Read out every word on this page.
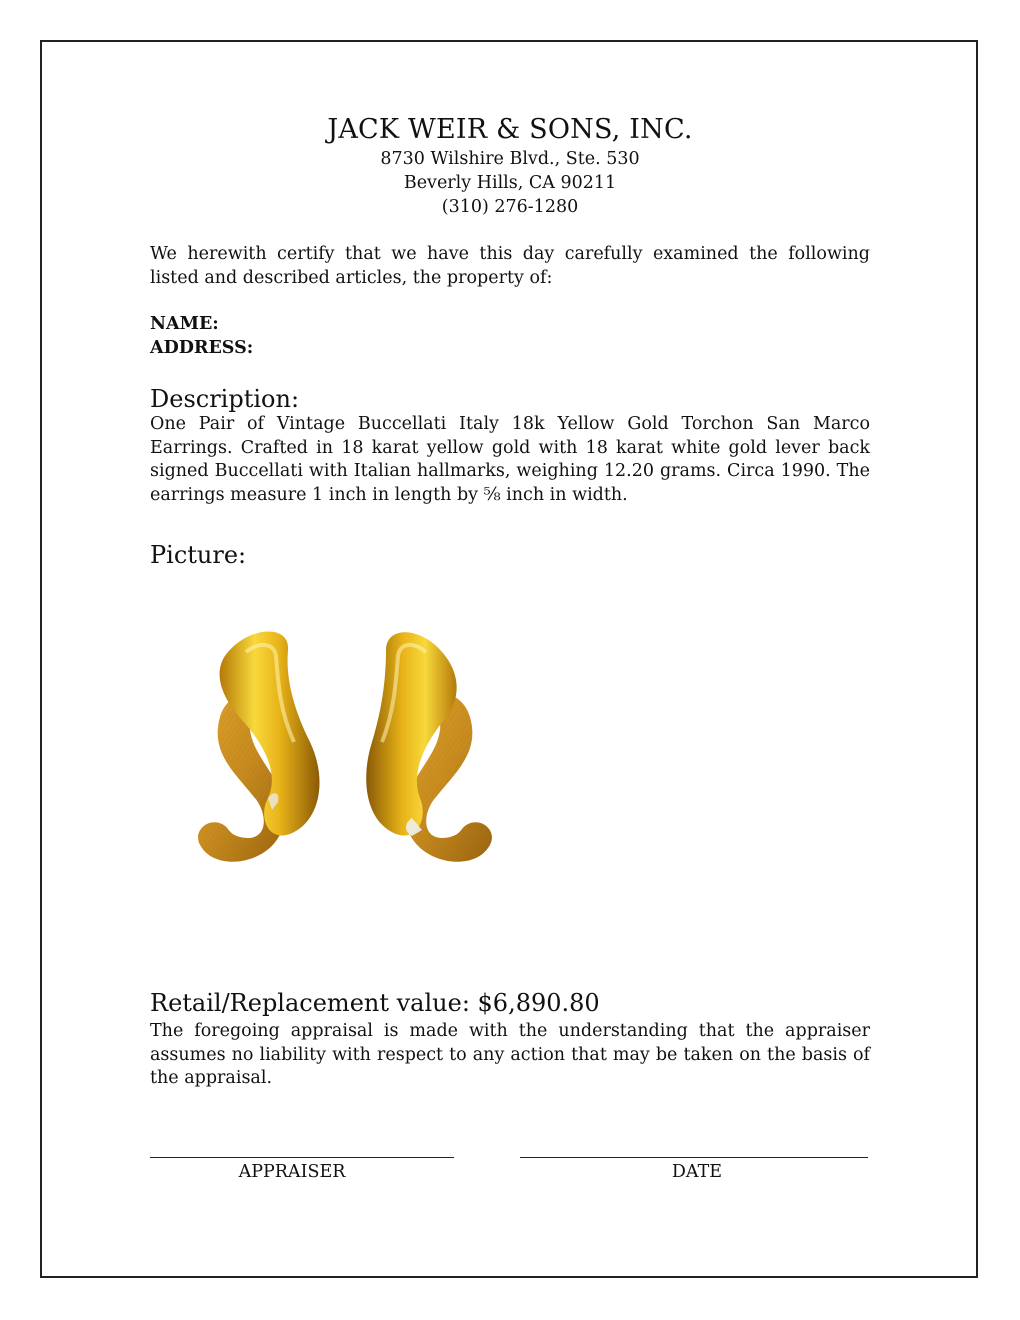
JACK WEIR & SONS, INC.
8730 Wilshire Blvd., Ste. 530
Beverly Hills, CA 90211
(310) 276-1280
We herewith certify that we have this day carefully examined the following listed and described articles, the property of:
NAME:
ADDRESS:
Description:
One Pair of Vintage Buccellati Italy 18k Yellow Gold Torchon San Marco Earrings. Crafted in 18 karat yellow gold with 18 karat white gold lever back signed Buccellati with Italian hallmarks, weighing 12.20 grams. Circa 1990. The earrings measure 1 inch in length by ⅝ inch in width.
Picture:
Retail/Replacement value: $6,890.80
The foregoing appraisal is made with the understanding that the appraiser assumes no liability with respect to any action that may be taken on the basis of the appraisal.
APPRAISER	DATE
